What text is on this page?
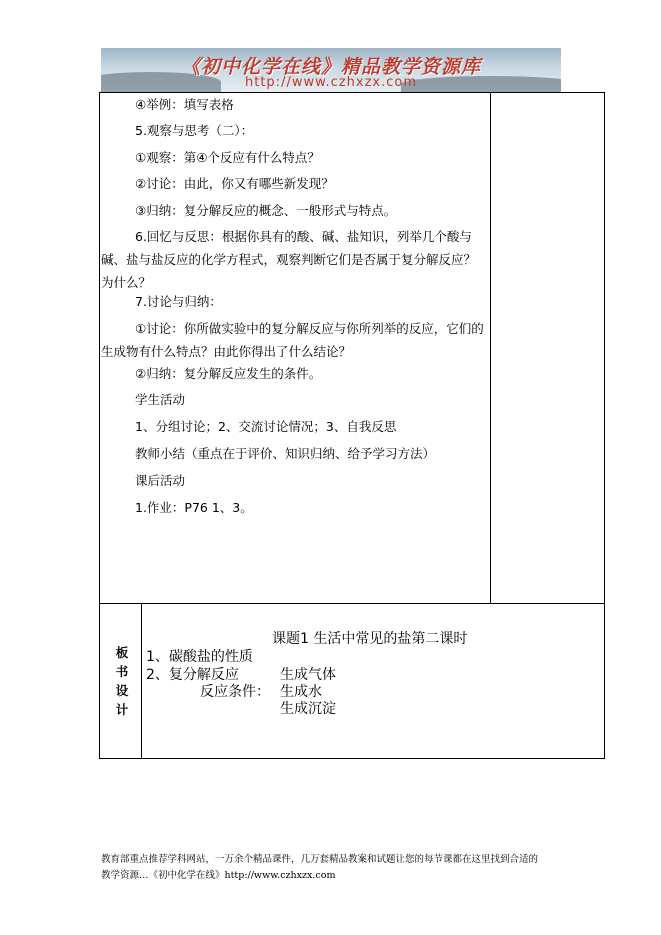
《初中化学在线》精品教学资源库
http://www.czhxzx.com
④举例：填写表格
5.观察与思考（二）：
①观察：第④个反应有什么特点？
②讨论：由此，你又有哪些新发现？
③归纳：复分解反应的概念、一般形式与特点。
6.回忆与反思：根据你具有的酸、碱、盐知识，列举几个酸与碱、盐与盐反应的化学方程式，观察判断它们是否属于复分解反应？为什么？
7.讨论与归纳：
①讨论：你所做实验中的复分解反应与你所列举的反应，它们的生成物有什么特点？由此你得出了什么结论？
②归纳：复分解反应发生的条件。
学生活动
1、分组讨论；2、交流讨论情况；3、自我反思
教师小结（重点在于评价、知识归纳、给予学习方法）
课后活动
1.作业：P76 1、3。
板
书
设
计
课题1 生活中常见的盐第二课时
1、碳酸盐的性质
2、复分解反应	生成气体
反应条件： 生成水
生成沉淀
教育部重点推荐学科网站，一万余个精品课件，几万套精品教案和试题让您的每节课都在这里找到合适的
教学资源…《初中化学在线》http://www.czhxzx.com
